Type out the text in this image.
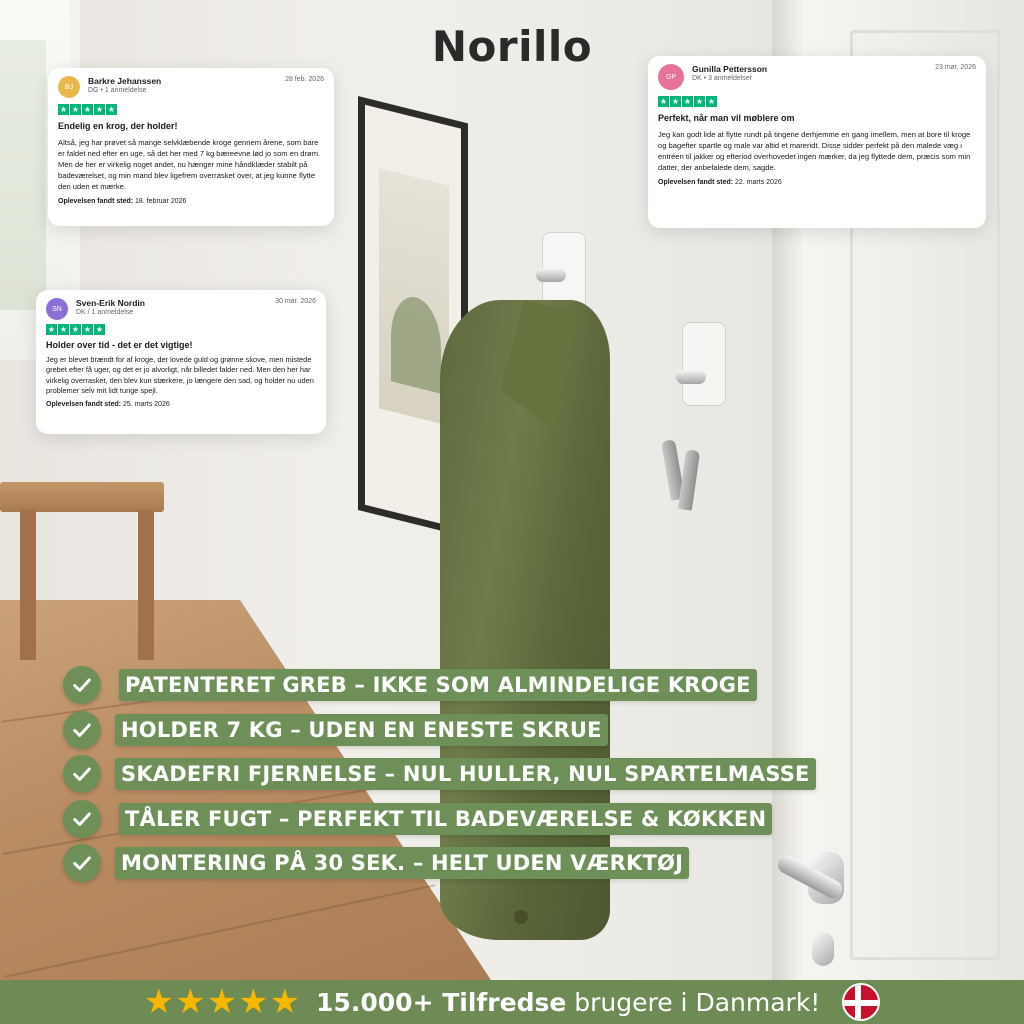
Norillo
BJ
Barkre Jehanssen
DG • 1 anmeldelse
28 feb. 2026
★ ★ ★ ★ ★
Endelig en krog, der holder!
Altså, jeg har prøvet så mange selvklæbende kroge gennem årene, som bare er faldet ned efter en uge, så det her med 7 kg bæreevne lød jo som en drøm. Men de her er virkelig noget andet, nu hænger mine håndklæder stabilt på badeværelset, og min mand blev ligefrem overrasket over, at jeg kunne flytte den uden et mærke.
Oplevelsen fandt sted: 18. februar 2026
GP
Gunilla Pettersson
DK • 3 anmeldelser
23 mar. 2026
★ ★ ★ ★ ★
Perfekt, når man vil møblere om
Jeg kan godt lide at flytte rundt på tingene derhjemme en gang imellem, men at bore til kroge og bagefter spartle og male var altid et mareridt. Disse sidder perfekt på den malede væg i entréen til jakker og efteriod overhovedet ingen mærker, da jeg flyttede dem, præcis som min datter, der anbefalede dem, sagde.
Oplevelsen fandt sted: 22. marts 2026
SN
Sven-Erik Nordin
DK / 1 anmeldelse
30 mar. 2026
★ ★ ★ ★ ★
Holder over tid - det er det vigtige!
Jeg er blevet brændt for af kroge, der lovede guld og grønne skove, men mistede grebet efter få uger, og det er jo alvorligt, når billedet falder ned. Men den her har virkelig overrasket, den blev kun stærkere, jo længere den sad, og holder nu uden problemer selv mit lidt tunge spejl.
Oplevelsen fandt sted: 25. marts 2026
PATENTERET GREB – IKKE SOM ALMINDELIGE KROGE
HOLDER 7 KG – UDEN EN ENESTE SKRUE
SKADEFRI FJERNELSE – NUL HULLER, NUL SPARTELMASSE
TÅLER FUGT – PERFEKT TIL BADEVÆRELSE & KØKKEN
MONTERING PÅ 30 SEK. – HELT UDEN VÆRKTØJ
★ ★ ★ ★ ★ 15.000+ Tilfredse brugere i Danmark!
